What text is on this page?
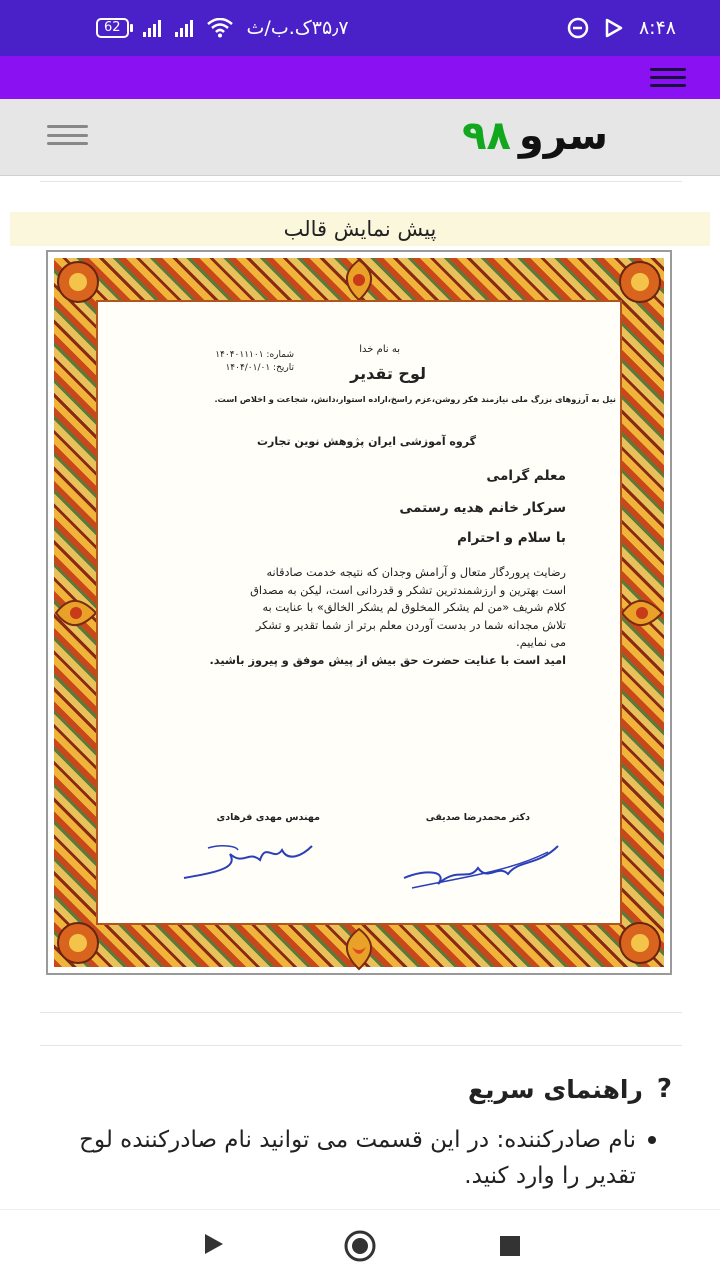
62	۳۵٫۷ک.ب/ث	۸:۴۸
سرو۹۸
پیش نمایش قالب
به نام خدا
شماره: ۱۴۰۴۰۱۱۱۰۱
تاریخ: ۱۴۰۴/۰۱/۰۱	لوح تقدیر
نیل به آرزوهای بزرگ ملی نیازمند فکر روشن،عزم راسخ،اراده استوار،دانش، شجاعت و اخلاص است.
گروه آموزشی ایران پژوهش نوین تجارت
معلم گرامی
سرکار خانم هدیه رستمی
با سلام و احترام
رضایت پروردگار متعال و آرامش وجدان که نتیجه خدمت صادقانه
است بهترین و ارزشمندترین تشکر و قدردانی است، لیکن به مصداق
کلام شریف «من لم یشکر المخلوق لم یشکر الخالق» با عنایت به
تلاش مجدانه شما در بدست آوردن معلم برتر از شما تقدیر و تشکر
می نماییم.
امید است با عنایت حضرت حق بیش از پیش موفق و پیروز باشید.
دکتر محمدرضا صدیقی
مهندس مهدی فرهادی
?
راهنمای سریع
نام صادرکننده: در این قسمت می توانید نام صادرکننده لوح تقدیر را وارد کنید.
